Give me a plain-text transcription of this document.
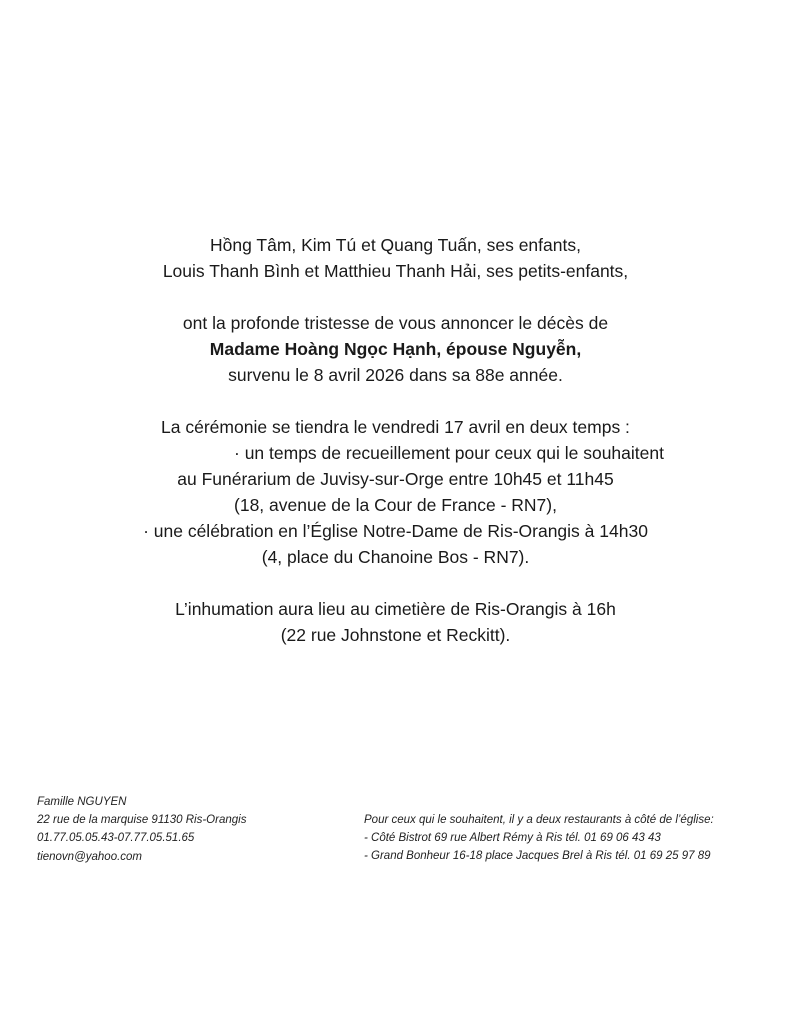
Hồng Tâm, Kim Tú et Quang Tuấn, ses enfants,
Louis Thanh Bình et Matthieu Thanh Hải, ses petits-enfants,
ont la profonde tristesse de vous annoncer le décès de
Madame Hoàng Ngọc Hạnh, épouse Nguyễn,
survenu le 8 avril 2026 dans sa 88e année.
La cérémonie se tiendra le vendredi 17 avril en deux temps :
· un temps de recueillement pour ceux qui le souhaitent
au Funérarium de Juvisy-sur-Orge entre 10h45 et 11h45
(18, avenue de la Cour de France - RN7),
· une célébration en l’Église Notre-Dame de Ris-Orangis à 14h30
(4, place du Chanoine Bos - RN7).
L’inhumation aura lieu au cimetière de Ris-Orangis à 16h
(22 rue Johnstone et Reckitt).
Famille NGUYEN
22 rue de la marquise 91130 Ris-Orangis
01.77.05.05.43-07.77.05.51.65
tienovn@yahoo.com
Pour ceux qui le souhaitent, il y a deux restaurants à côté de l’église:
- Côté Bistrot 69 rue Albert Rémy à Ris tél. 01 69 06 43 43
- Grand Bonheur 16-18 place Jacques Brel à Ris tél. 01 69 25 97 89
